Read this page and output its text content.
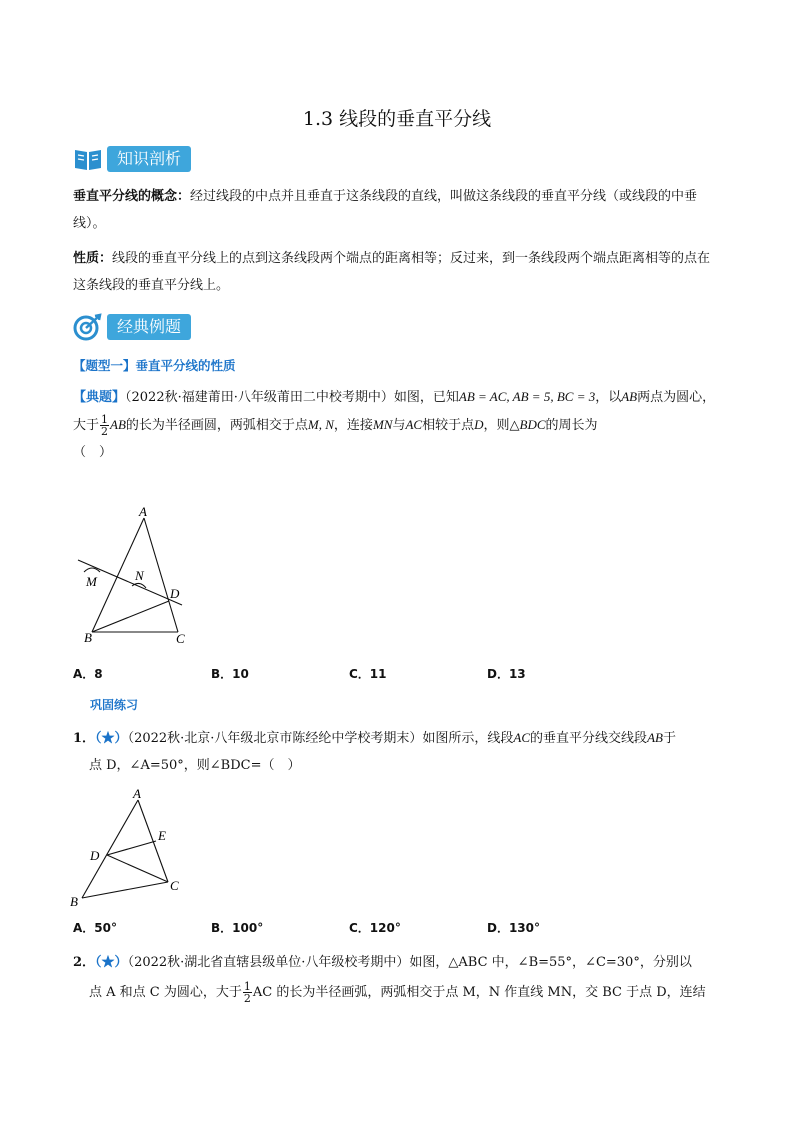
1.3 线段的垂直平分线
知识剖析
垂直平分线的概念：经过线段的中点并且垂直于这条线段的直线，叫做这条线段的垂直平分线（或线段的中垂线）。
性质：线段的垂直平分线上的点到这条线段两个端点的距离相等；反过来，到一条线段两个端点距离相等的点在这条线段的垂直平分线上。
经典例题
【题型一】垂直平分线的性质
【典题】（2022秋·福建莆田·八年级莆田二中校考期中）如图，已知AB = AC, AB = 5, BC = 3，以AB两点为圆心，大于 $\frac{1}{2}$ AB的长为半径画圆，两弧相交于点M, N，连接MN与AC相较于点D，则△BDC的周长为
（　）
A
B	C
D
M	N
A．8	B．10	C．11	D．13
巩固练习
1．（★）（2022秋·北京·八年级北京市陈经纶中学校考期末）如图所示，线段AC的垂直平分线交线段AB于
点 D，∠A=50°，则∠BDC=（　）
A
B
C
D
E
A．50°	B．100°	C．120°	D．130°
2．（★）（2022秋·湖北省直辖县级单位·八年级校考期中）如图，△ABC 中，∠B=55°，∠C=30°，分别以
点 A 和点 C 为圆心，大于 $\frac{1}{2}$ AC 的长为半径画弧，两弧相交于点 M，N 作直线 MN，交 BC 于点 D，连结
